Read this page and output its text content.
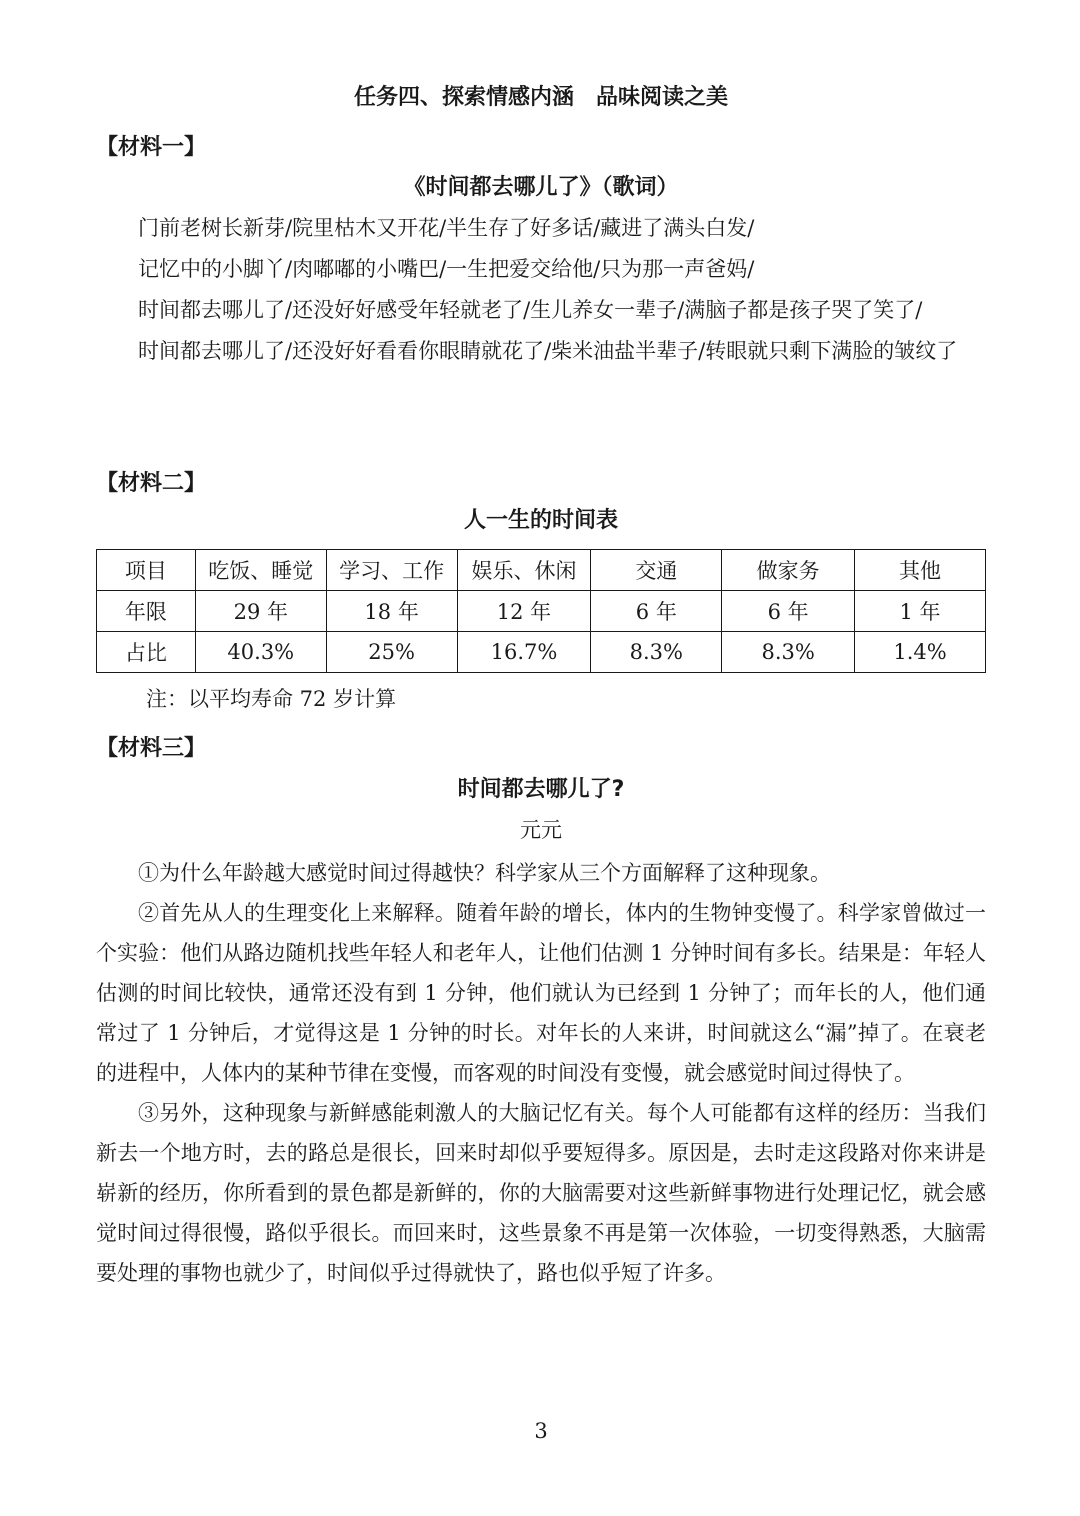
任务四、探索情感内涵　品味阅读之美
【材料一】
《时间都去哪儿了》（歌词）

门前老树长新芽/院里枯木又开花/半生存了好多话/藏进了满头白发/

记忆中的小脚丫/肉嘟嘟的小嘴巴/一生把爱交给他/只为那一声爸妈/

时间都去哪儿了/还没好好感受年轻就老了/生儿养女一辈子/满脑子都是孩子哭了笑了/

时间都去哪儿了/还没好好看看你眼睛就花了/柴米油盐半辈子/转眼就只剩下满脸的皱纹了

【材料二】
人一生的时间表
项目	吃饭、睡觉	学习、工作	娱乐、休闲	交通	做家务	其他
年限	29 年	18 年	12 年	6 年	6 年	1 年
占比	40.3%	25%	16.7%	8.3%	8.3%	1.4%
注：以平均寿命 72 岁计算
【材料三】
时间都去哪儿了?
元元

①为什么年龄越大感觉时间过得越快？科学家从三个方面解释了这种现象。

②首先从人的生理变化上来解释。随着年龄的增长，体内的生物钟变慢了。科学家曾做过一个实验：他们从路边随机找些年轻人和老年人，让他们估测 1 分钟时间有多长。结果是：年轻人估测的时间比较快，通常还没有到 1 分钟，他们就认为已经到 1 分钟了；而年长的人，他们通常过了 1 分钟后，才觉得这是 1 分钟的时长。对年长的人来讲，时间就这么“漏”掉了。在衰老的进程中，人体内的某种节律在变慢，而客观的时间没有变慢，就会感觉时间过得快了。

③另外，这种现象与新鲜感能刺激人的大脑记忆有关。每个人可能都有这样的经历：当我们新去一个地方时，去的路总是很长，回来时却似乎要短得多。原因是，去时走这段路对你来讲是崭新的经历，你所看到的景色都是新鲜的，你的大脑需要对这些新鲜事物进行处理记忆，就会感觉时间过得很慢，路似乎很长。而回来时，这些景象不再是第一次体验，一切变得熟悉，大脑需要处理的事物也就少了，时间似乎过得就快了，路也似乎短了许多。

3
